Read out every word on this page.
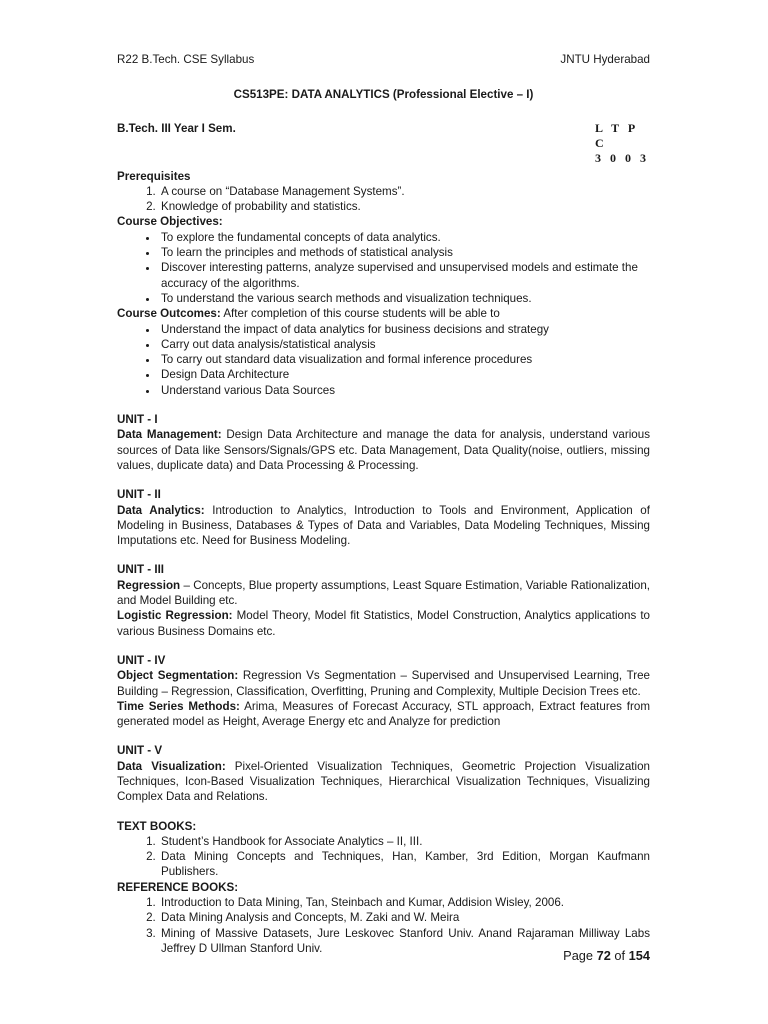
R22 B.Tech. CSE Syllabus	JNTU Hyderabad
CS513PE: DATA ANALYTICS (Professional Elective – I)
B.Tech. III Year I Sem.	L T P C
3 0 0 3
Prerequisites
1. A course on “Database Management Systems”.
2. Knowledge of probability and statistics.
Course Objectives:
• To explore the fundamental concepts of data analytics.
• To learn the principles and methods of statistical analysis
• Discover interesting patterns, analyze supervised and unsupervised models and estimate the accuracy of the algorithms.
• To understand the various search methods and visualization techniques.
Course Outcomes: After completion of this course students will be able to
• Understand the impact of data analytics for business decisions and strategy
• Carry out data analysis/statistical analysis
• To carry out standard data visualization and formal inference procedures
• Design Data Architecture
• Understand various Data Sources
UNIT - I

Data Management: Design Data Architecture and manage the data for analysis, understand various sources of Data like Sensors/Signals/GPS etc. Data Management, Data Quality(noise, outliers, missing values, duplicate data) and Data Processing & Processing.

UNIT - II

Data Analytics: Introduction to Analytics, Introduction to Tools and Environment, Application of Modeling in Business, Databases & Types of Data and Variables, Data Modeling Techniques, Missing Imputations etc. Need for Business Modeling.

UNIT - III

Regression – Concepts, Blue property assumptions, Least Square Estimation, Variable Rationalization, and Model Building etc.

Logistic Regression: Model Theory, Model fit Statistics, Model Construction, Analytics applications to various Business Domains etc.

UNIT - IV

Object Segmentation: Regression Vs Segmentation – Supervised and Unsupervised Learning, Tree Building – Regression, Classification, Overfitting, Pruning and Complexity, Multiple Decision Trees etc.

Time Series Methods: Arima, Measures of Forecast Accuracy, STL approach, Extract features from generated model as Height, Average Energy etc and Analyze for prediction

UNIT - V

Data Visualization: Pixel-Oriented Visualization Techniques, Geometric Projection Visualization Techniques, Icon-Based Visualization Techniques, Hierarchical Visualization Techniques, Visualizing Complex Data and Relations.

TEXT BOOKS:
1. Student’s Handbook for Associate Analytics – II, III.
2. Data Mining Concepts and Techniques, Han, Kamber, 3rd Edition, Morgan Kaufmann Publishers.
REFERENCE BOOKS:
1. Introduction to Data Mining, Tan, Steinbach and Kumar, Addision Wisley, 2006.
2. Data Mining Analysis and Concepts, M. Zaki and W. Meira
3. Mining of Massive Datasets, Jure Leskovec Stanford Univ. Anand Rajaraman Milliway Labs Jeffrey D Ullman Stanford Univ.	Page 72 of 154
